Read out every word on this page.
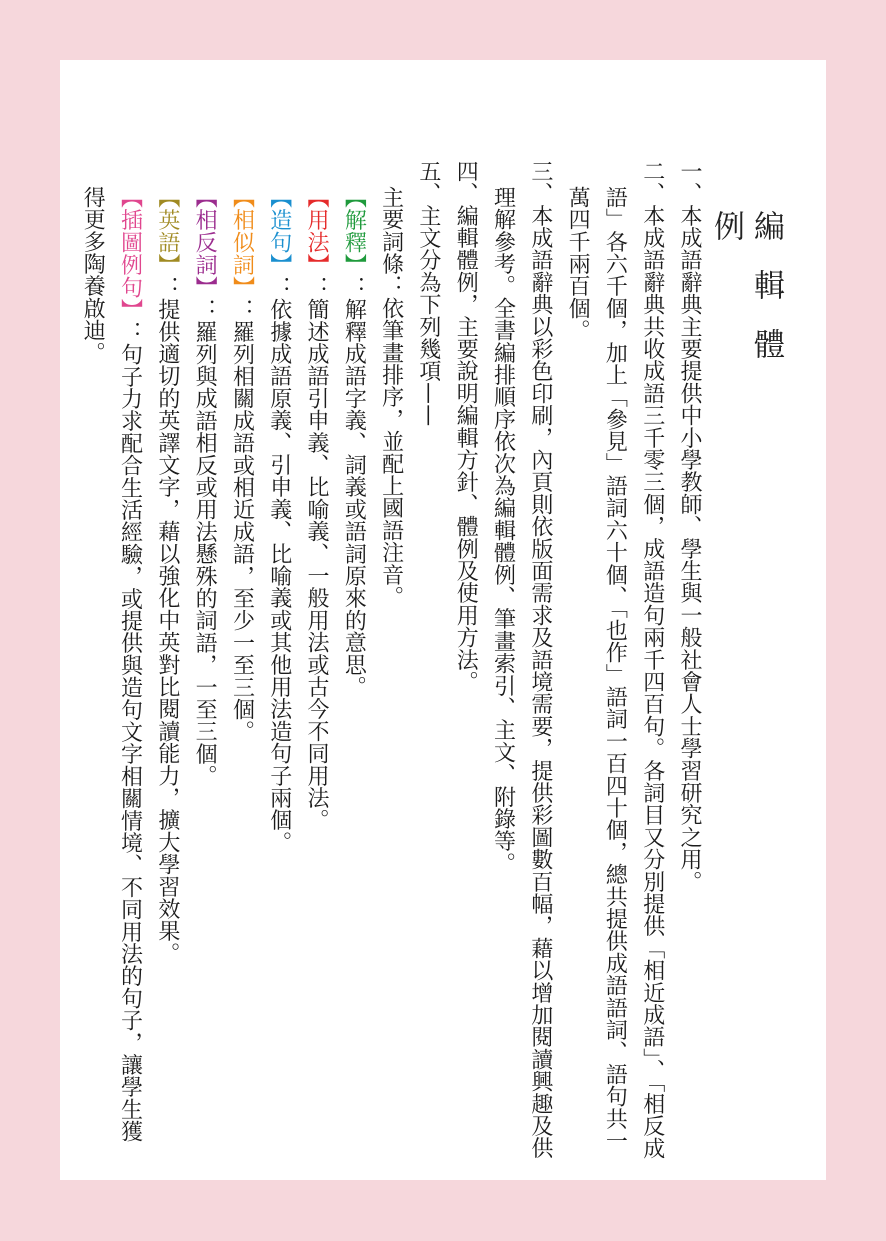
編輯體例

一、本成語辭典主要提供中小學教師、學生與一般社會人士學習研究之用。

二、本成語辭典共收成語三千零三個，成語造句兩千四百句。各詞目又分別提供「相近成語」、「相反成語」各六千個，加上「參見」語詞六十個、「也作」語詞一百四十個，總共提供成語語詞、語句共一萬四千兩百個。

三、本成語辭典以彩色印刷，內頁則依版面需求及語境需要，提供彩圖數百幅，藉以增加閱讀興趣及供理解參考。全書編排順序依次為編輯體例、筆畫索引、主文、附錄等。

四、編輯體例，主要說明編輯方針、體例及使用方法。

五、主文分為下列幾項——

主要詞條：依筆畫排序，並配上國語注音。

【解釋】：解釋成語字義、詞義或語詞原來的意思。

【用法】：簡述成語引申義、比喻義、一般用法或古今不同用法。

【造句】：依據成語原義、引申義、比喻義或其他用法造句子兩個。

【相似詞】：羅列相關成語或相近成語，至少一至三個。

【相反詞】：羅列與成語相反或用法懸殊的詞語，一至三個。

【英語】：提供適切的英譯文字，藉以強化中英對比閱讀能力，擴大學習效果。

【插圖例句】：句子力求配合生活經驗，或提供與造句文字相關情境、不同用法的句子，讓學生獲得更多陶養啟迪。
